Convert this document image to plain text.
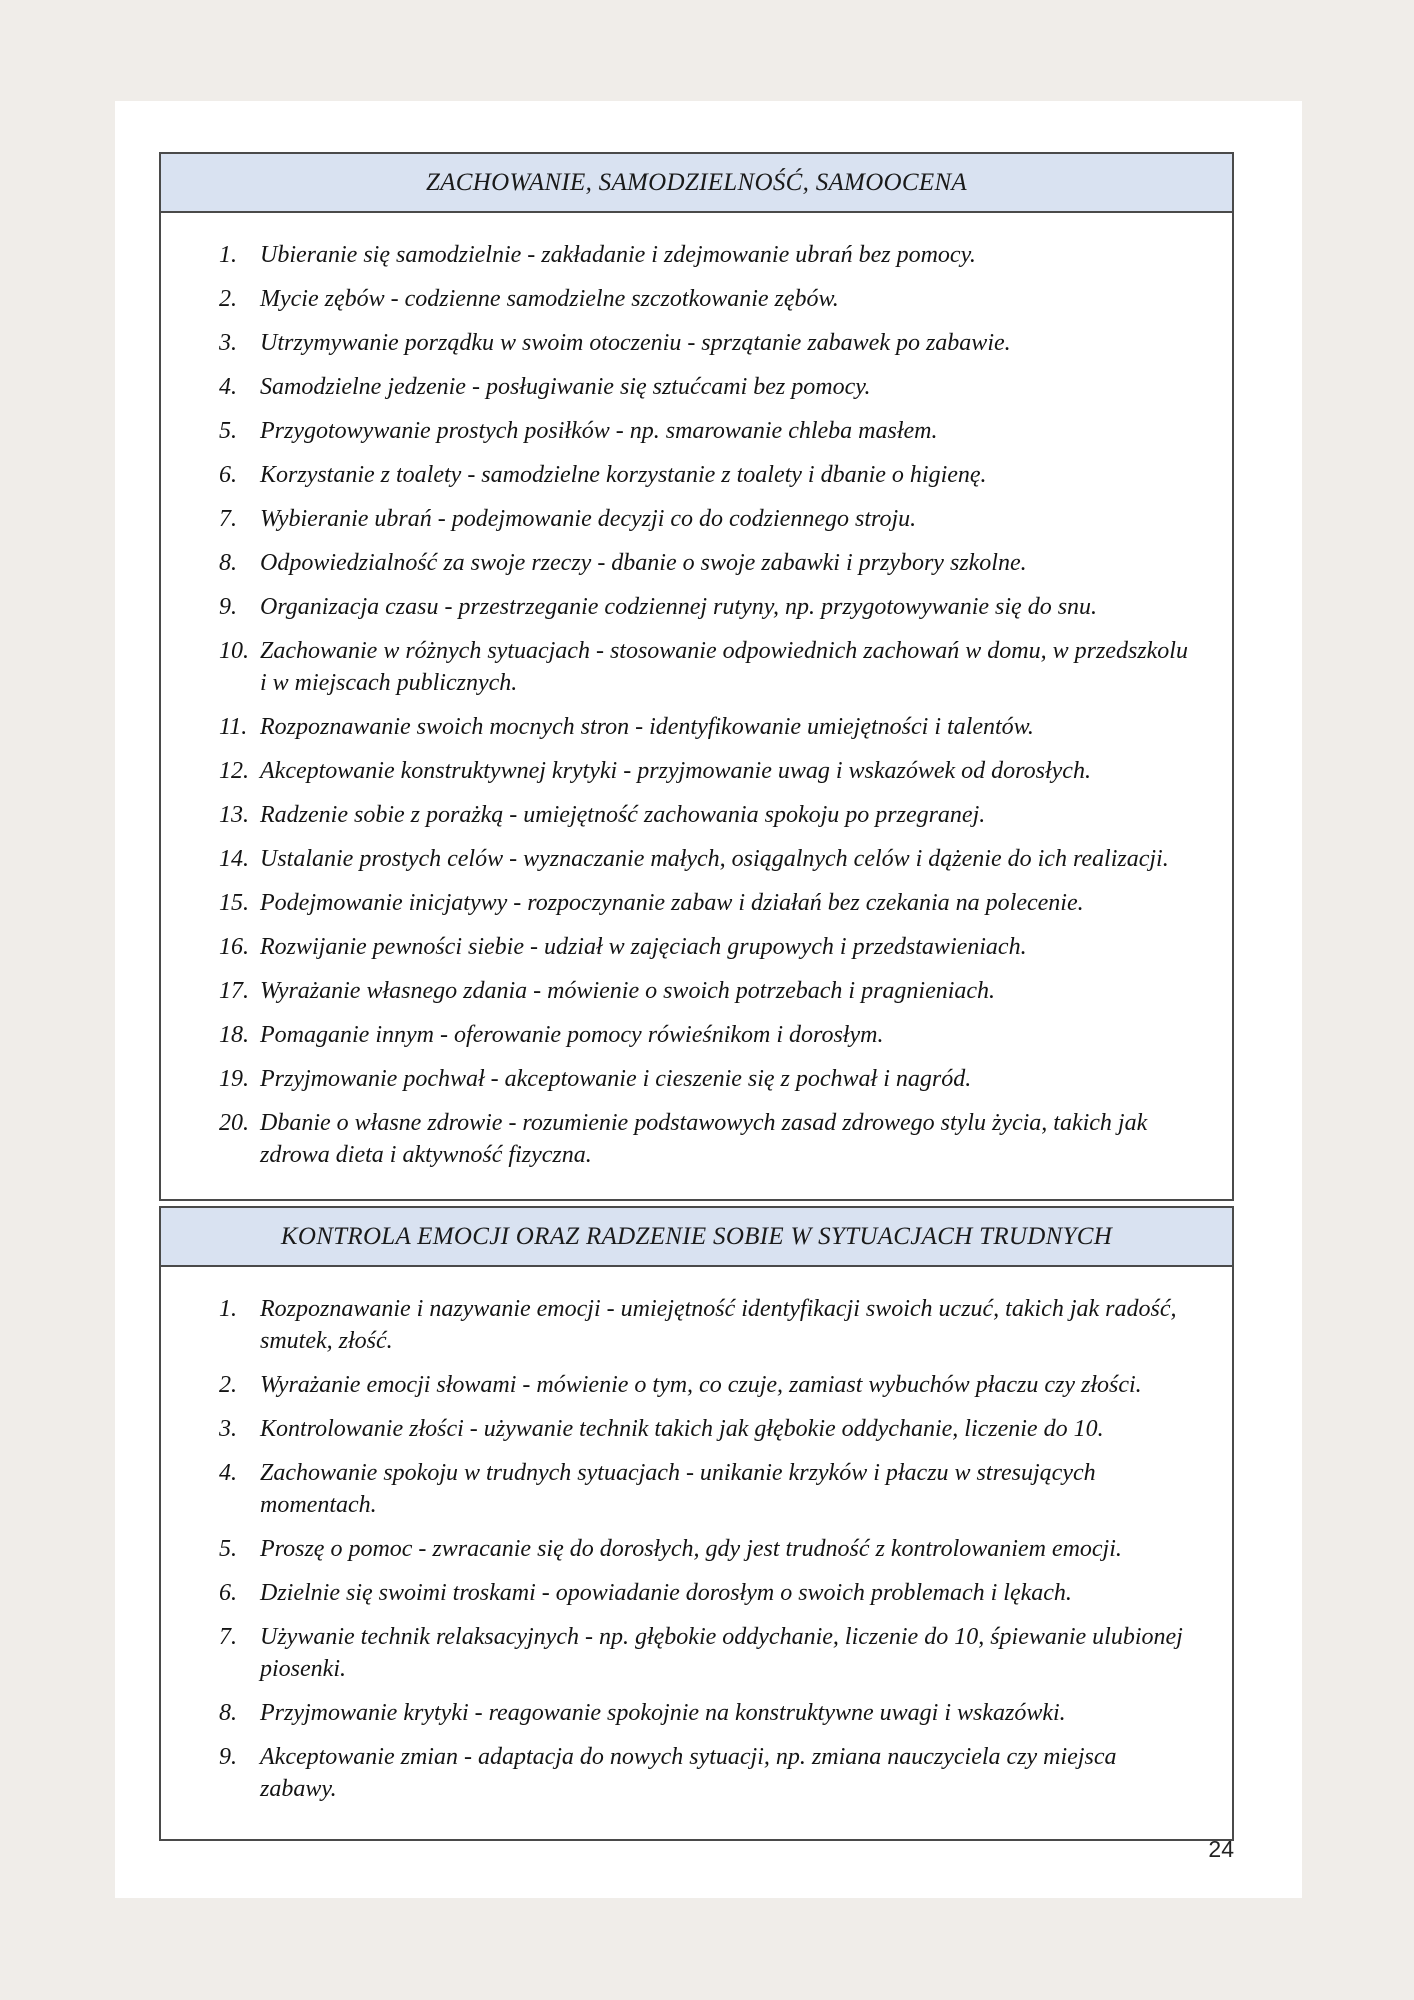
ZACHOWANIE, SAMODZIELNOŚĆ, SAMOOCENA
Ubieranie się samodzielnie - zakładanie i zdejmowanie ubrań bez pomocy.
Mycie zębów - codzienne samodzielne szczotkowanie zębów.
Utrzymywanie porządku w swoim otoczeniu - sprzątanie zabawek po zabawie.
Samodzielne jedzenie - posługiwanie się sztućcami bez pomocy.
Przygotowywanie prostych posiłków - np. smarowanie chleba masłem.
Korzystanie z toalety - samodzielne korzystanie z toalety i dbanie o higienę.
Wybieranie ubrań - podejmowanie decyzji co do codziennego stroju.
Odpowiedzialność za swoje rzeczy - dbanie o swoje zabawki i przybory szkolne.
Organizacja czasu - przestrzeganie codziennej rutyny, np. przygotowywanie się do snu.
Zachowanie w różnych sytuacjach - stosowanie odpowiednich zachowań w domu, w przedszkolu i w miejscach publicznych.
Rozpoznawanie swoich mocnych stron - identyfikowanie umiejętności i talentów.
Akceptowanie konstruktywnej krytyki - przyjmowanie uwag i wskazówek od dorosłych.
Radzenie sobie z porażką - umiejętność zachowania spokoju po przegranej.
Ustalanie prostych celów - wyznaczanie małych, osiągalnych celów i dążenie do ich realizacji.
Podejmowanie inicjatywy - rozpoczynanie zabaw i działań bez czekania na polecenie.
Rozwijanie pewności siebie - udział w zajęciach grupowych i przedstawieniach.
Wyrażanie własnego zdania - mówienie o swoich potrzebach i pragnieniach.
Pomaganie innym - oferowanie pomocy rówieśnikom i dorosłym.
Przyjmowanie pochwał - akceptowanie i cieszenie się z pochwał i nagród.
Dbanie o własne zdrowie - rozumienie podstawowych zasad zdrowego stylu życia, takich jak zdrowa dieta i aktywność fizyczna.
KONTROLA EMOCJI ORAZ RADZENIE SOBIE W SYTUACJACH TRUDNYCH
Rozpoznawanie i nazywanie emocji - umiejętność identyfikacji swoich uczuć, takich jak radość, smutek, złość.
Wyrażanie emocji słowami - mówienie o tym, co czuje, zamiast wybuchów płaczu czy złości.
Kontrolowanie złości - używanie technik takich jak głębokie oddychanie, liczenie do 10.
Zachowanie spokoju w trudnych sytuacjach - unikanie krzyków i płaczu w stresujących momentach.
Proszę o pomoc - zwracanie się do dorosłych, gdy jest trudność z kontrolowaniem emocji.
Dzielnie się swoimi troskami - opowiadanie dorosłym o swoich problemach i lękach.
Używanie technik relaksacyjnych - np. głębokie oddychanie, liczenie do 10, śpiewanie ulubionej piosenki.
Przyjmowanie krytyki - reagowanie spokojnie na konstruktywne uwagi i wskazówki.
Akceptowanie zmian - adaptacja do nowych sytuacji, np. zmiana nauczyciela czy miejsca zabawy.
24
